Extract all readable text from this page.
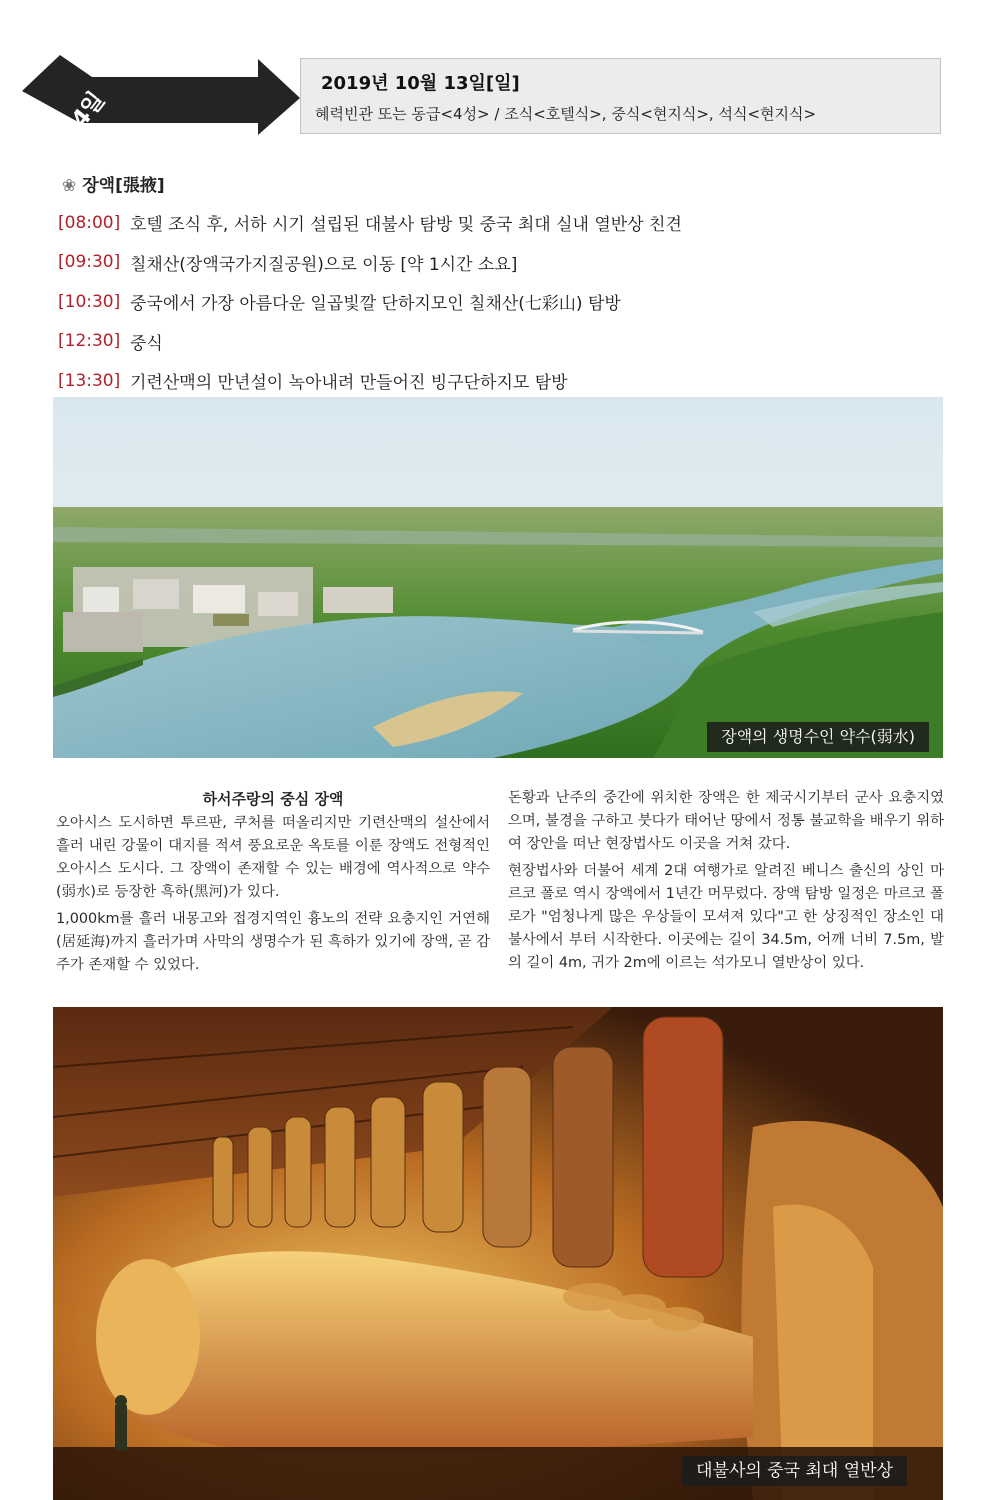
4일
장액 – 가욕관
2019년 10월 13일[일]
혜력빈관 또는 동급<4성> / 조식<호텔식>, 중식<현지식>, 석식<현지식>
❀ 장액[張掖]
[08:00] 호텔 조식 후, 서하 시기 설립된 대불사 탐방 및 중국 최대 실내 열반상 친견
[09:30] 칠채산(장액국가지질공원)으로 이동 [약 1시간 소요]
[10:30] 중국에서 가장 아름다운 일곱빛깔 단하지모인 칠채산(七彩山) 탐방
[12:30] 중식
[13:30] 기련산맥의 만년설이 녹아내려 만들어진 빙구단하지모 탐방
장액의 생명수인 약수(弱水)
하서주랑의 중심 장액

오아시스 도시하면 투르판, 쿠처를 떠올리지만 기련산맥의 설산에서 흘러 내린 강물이 대지를 적셔 풍요로운 옥토를 이룬 장액도 전형적인 오아시스 도시다. 그 장액이 존재할 수 있는 배경에 역사적으로 약수(弱水)로 등장한 흑하(黑河)가 있다.

1,000km를 흘러 내몽고와 접경지역인 흉노의 전략 요충지인 거연해(居延海)까지 흘러가며 사막의 생명수가 된 흑하가 있기에 장액, 곧 감주가 존재할 수 있었다.

돈황과 난주의 중간에 위치한 장액은 한 제국시기부터 군사 요충지였으며, 불경을 구하고 붓다가 태어난 땅에서 정통 불교학을 배우기 위하여 장안을 떠난 현장법사도 이곳을 거쳐 갔다.

현장법사와 더불어 세계 2대 여행가로 알려진 베니스 출신의 상인 마르코 폴로 역시 장액에서 1년간 머무렀다. 장액 탐방 일정은 마르코 폴로가 "엄청나게 많은 우상들이 모셔져 있다"고 한 상징적인 장소인 대불사에서 부터 시작한다. 이곳에는 길이 34.5m, 어깨 너비 7.5m, 발의 길이 4m, 귀가 2m에 이르는 석가모니 열반상이 있다.

대불사의 중국 최대 열반상
